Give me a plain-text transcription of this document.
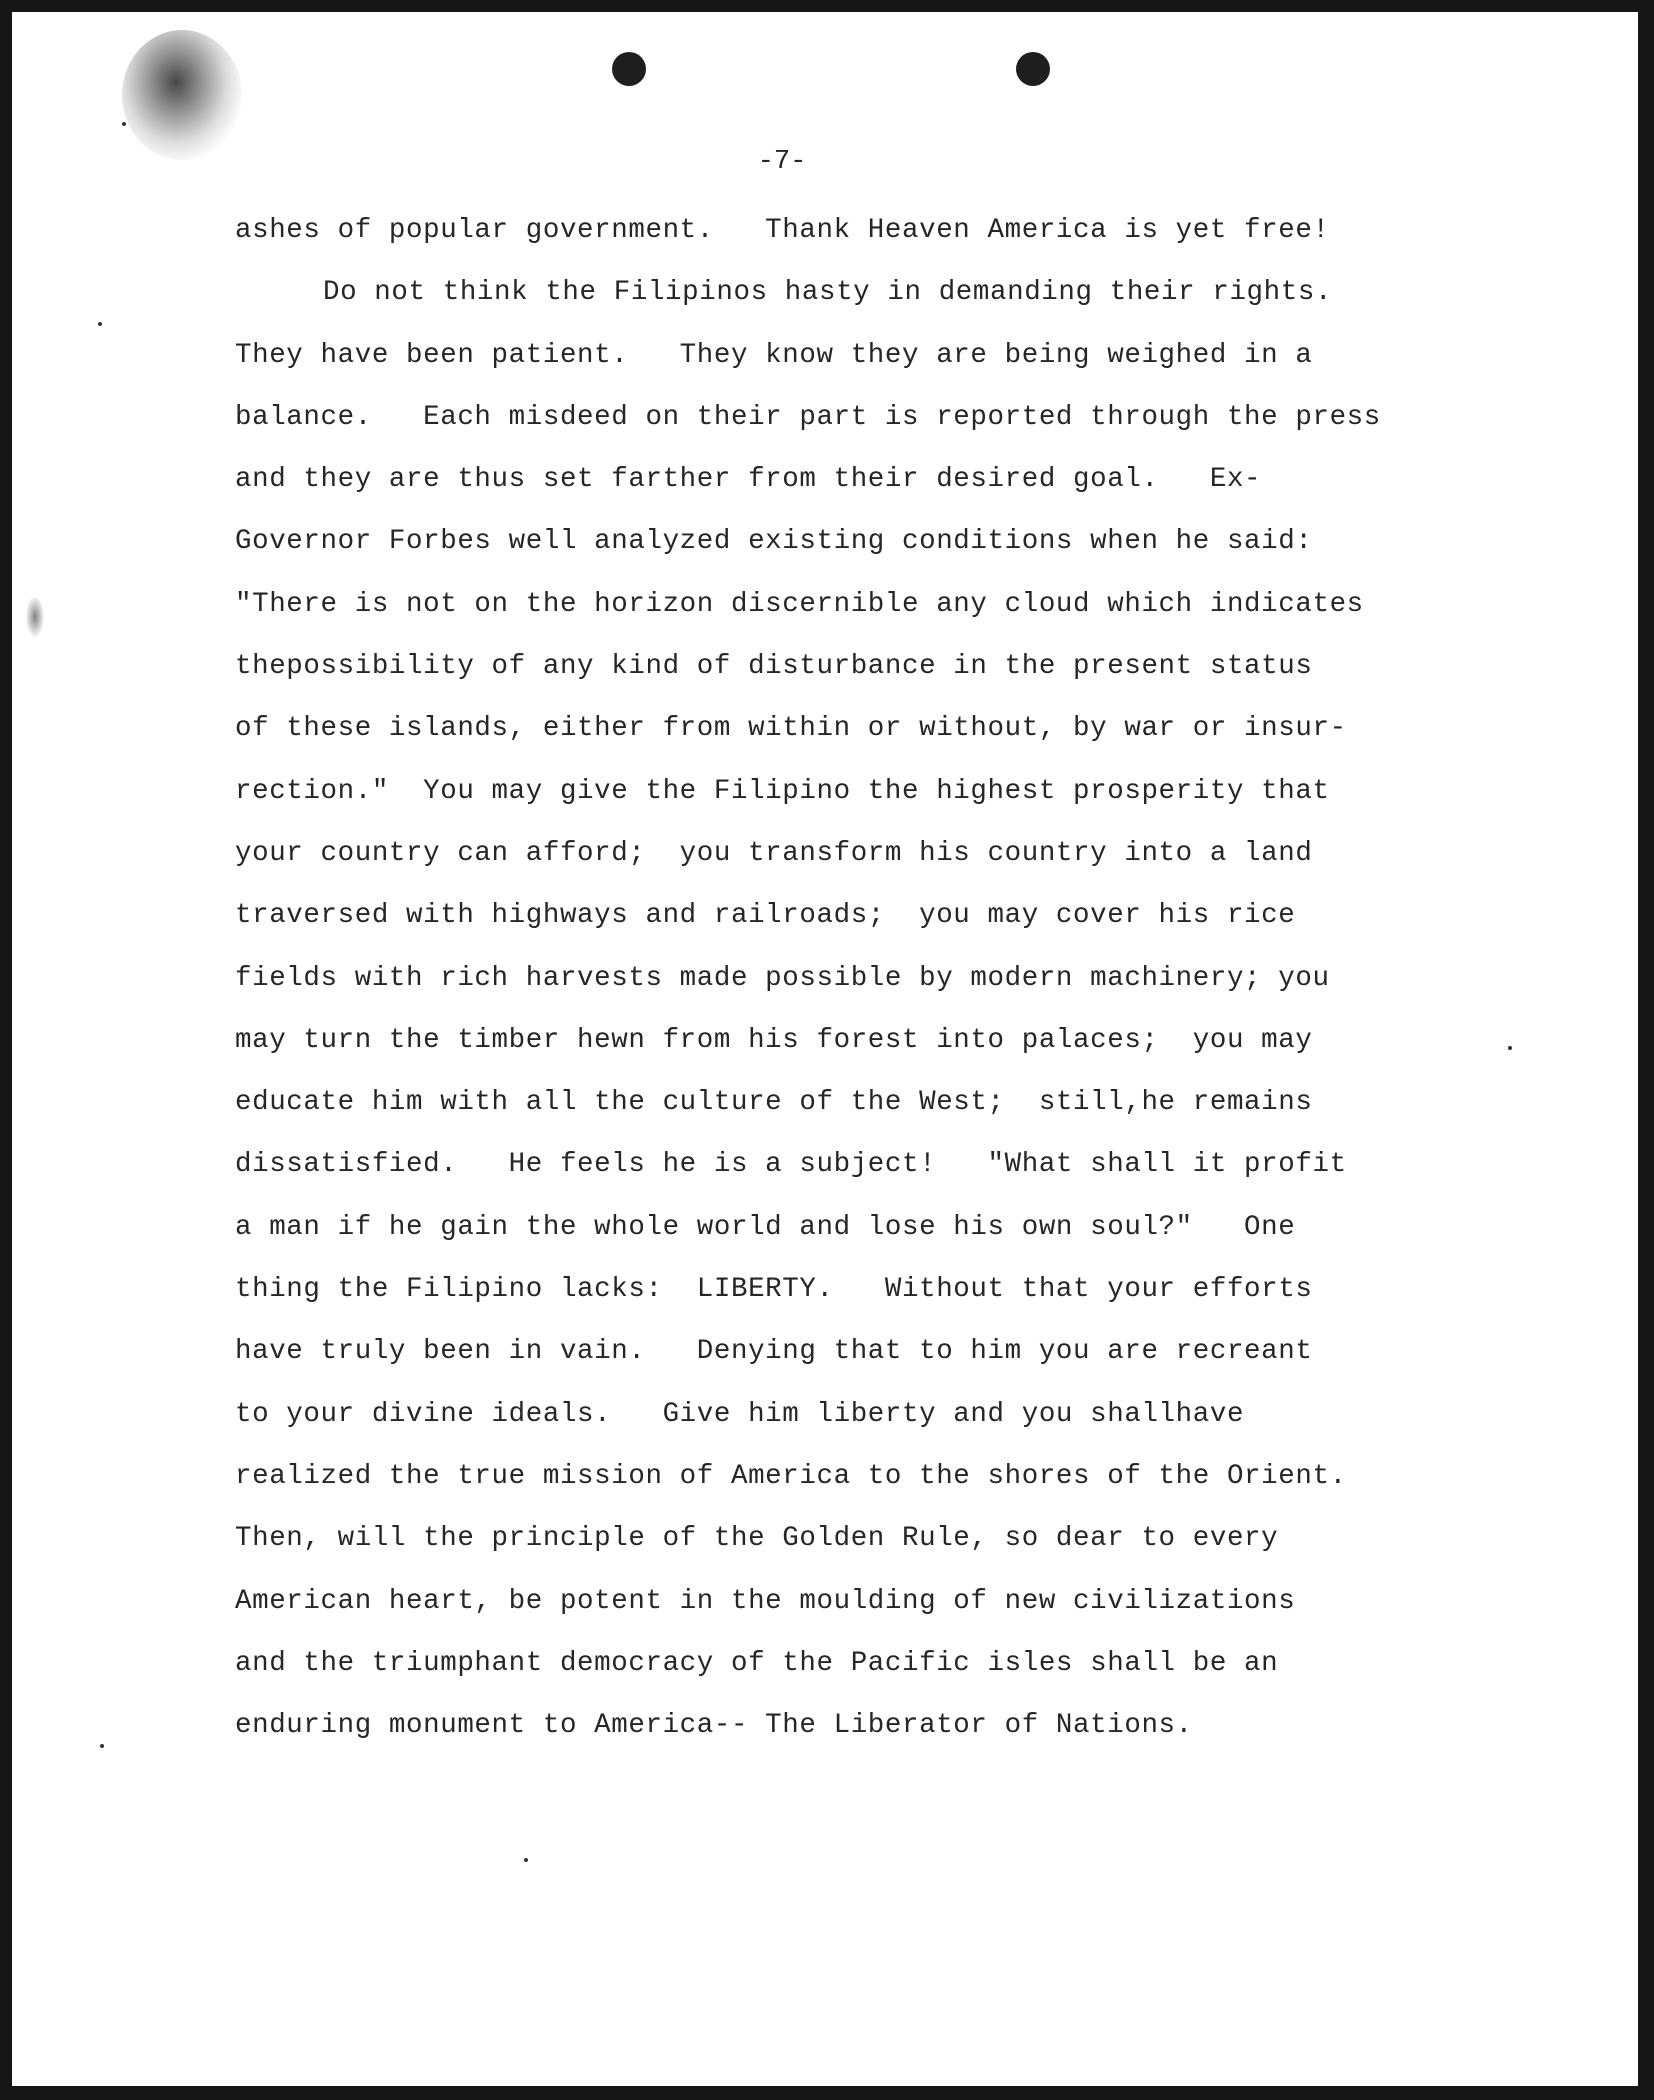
-7-
ashes of popular government.   Thank Heaven America is yet free!
Do not think the Filipinos hasty in demanding their rights.
They have been patient.   They know they are being weighed in a
balance.   Each misdeed on their part is reported through the press
and they are thus set farther from their desired goal.   Ex-
Governor Forbes well analyzed existing conditions when he said:
"There is not on the horizon discernible any cloud which indicates
thepossibility of any kind of disturbance in the present status
of these islands, either from within or without, by war or insur-
rection."  You may give the Filipino the highest prosperity that
your country can afford;  you transform his country into a land
traversed with highways and railroads;  you may cover his rice
fields with rich harvests made possible by modern machinery; you
may turn the timber hewn from his forest into palaces;  you may
educate him with all the culture of the West;  still,he remains
dissatisfied.   He feels he is a subject!   "What shall it profit
a man if he gain the whole world and lose his own soul?"   One
thing the Filipino lacks:  LIBERTY.   Without that your efforts
have truly been in vain.   Denying that to him you are recreant
to your divine ideals.   Give him liberty and you shallhave
realized the true mission of America to the shores of the Orient.
Then, will the principle of the Golden Rule, so dear to every
American heart, be potent in the moulding of new civilizations
and the triumphant democracy of the Pacific isles shall be an
enduring monument to America-- The Liberator of Nations.
